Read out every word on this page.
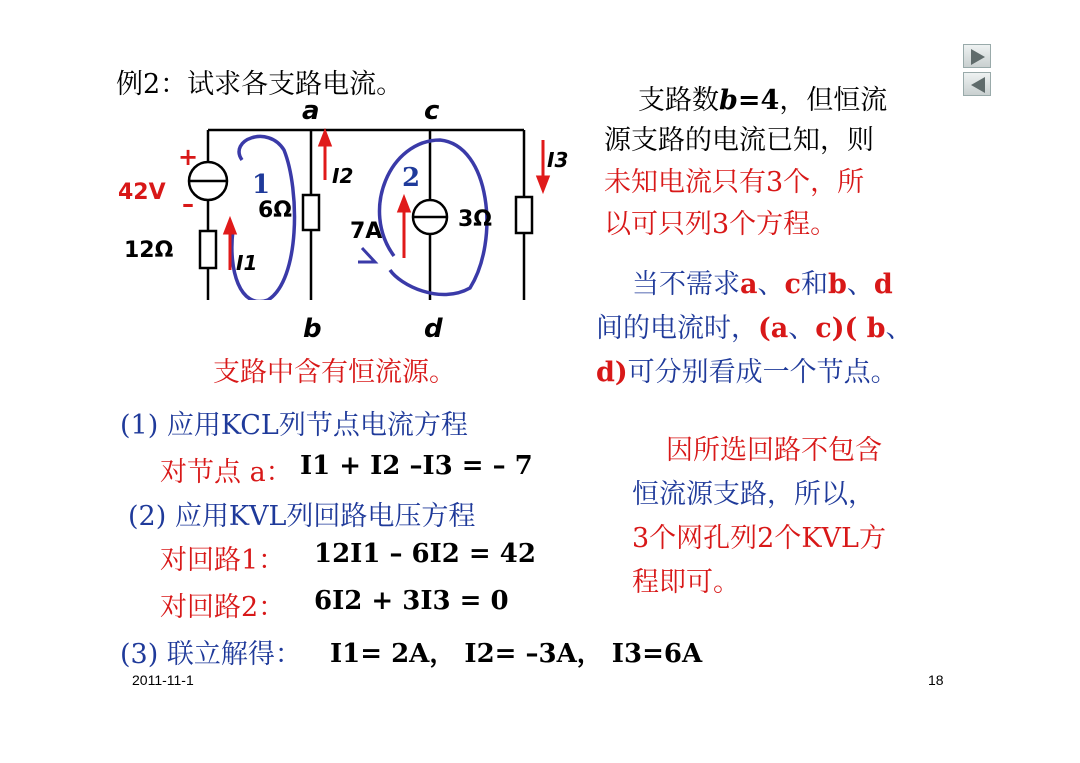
例2：试求各支路电流。
a	c
b	d
+
42V –
12Ω
6Ω	3Ω
7A
1	2
I1
I2
I3
支路中含有恒流源。
支路数b=4，但恒流
源支路的电流已知，则
未知电流只有3个，所
以可只列3个方程。
当不需求a、c和b、d
间的电流时，(a、c)( b、
d)可分别看成一个节点。
(1) 应用KCL列节点电流方程
对节点 a： I1 + I2 –I3 = – 7
(2) 应用KVL列回路电压方程
对回路1： 12I1 – 6I2 = 42
对回路2： 6I2 + 3I3 = 0
(3) 联立解得： I1= 2A， I2= –3A， I3=6A
因所选回路不包含
恒流源支路，所以，
3个网孔列2个KVL方
程即可。
2011-11-1	18
